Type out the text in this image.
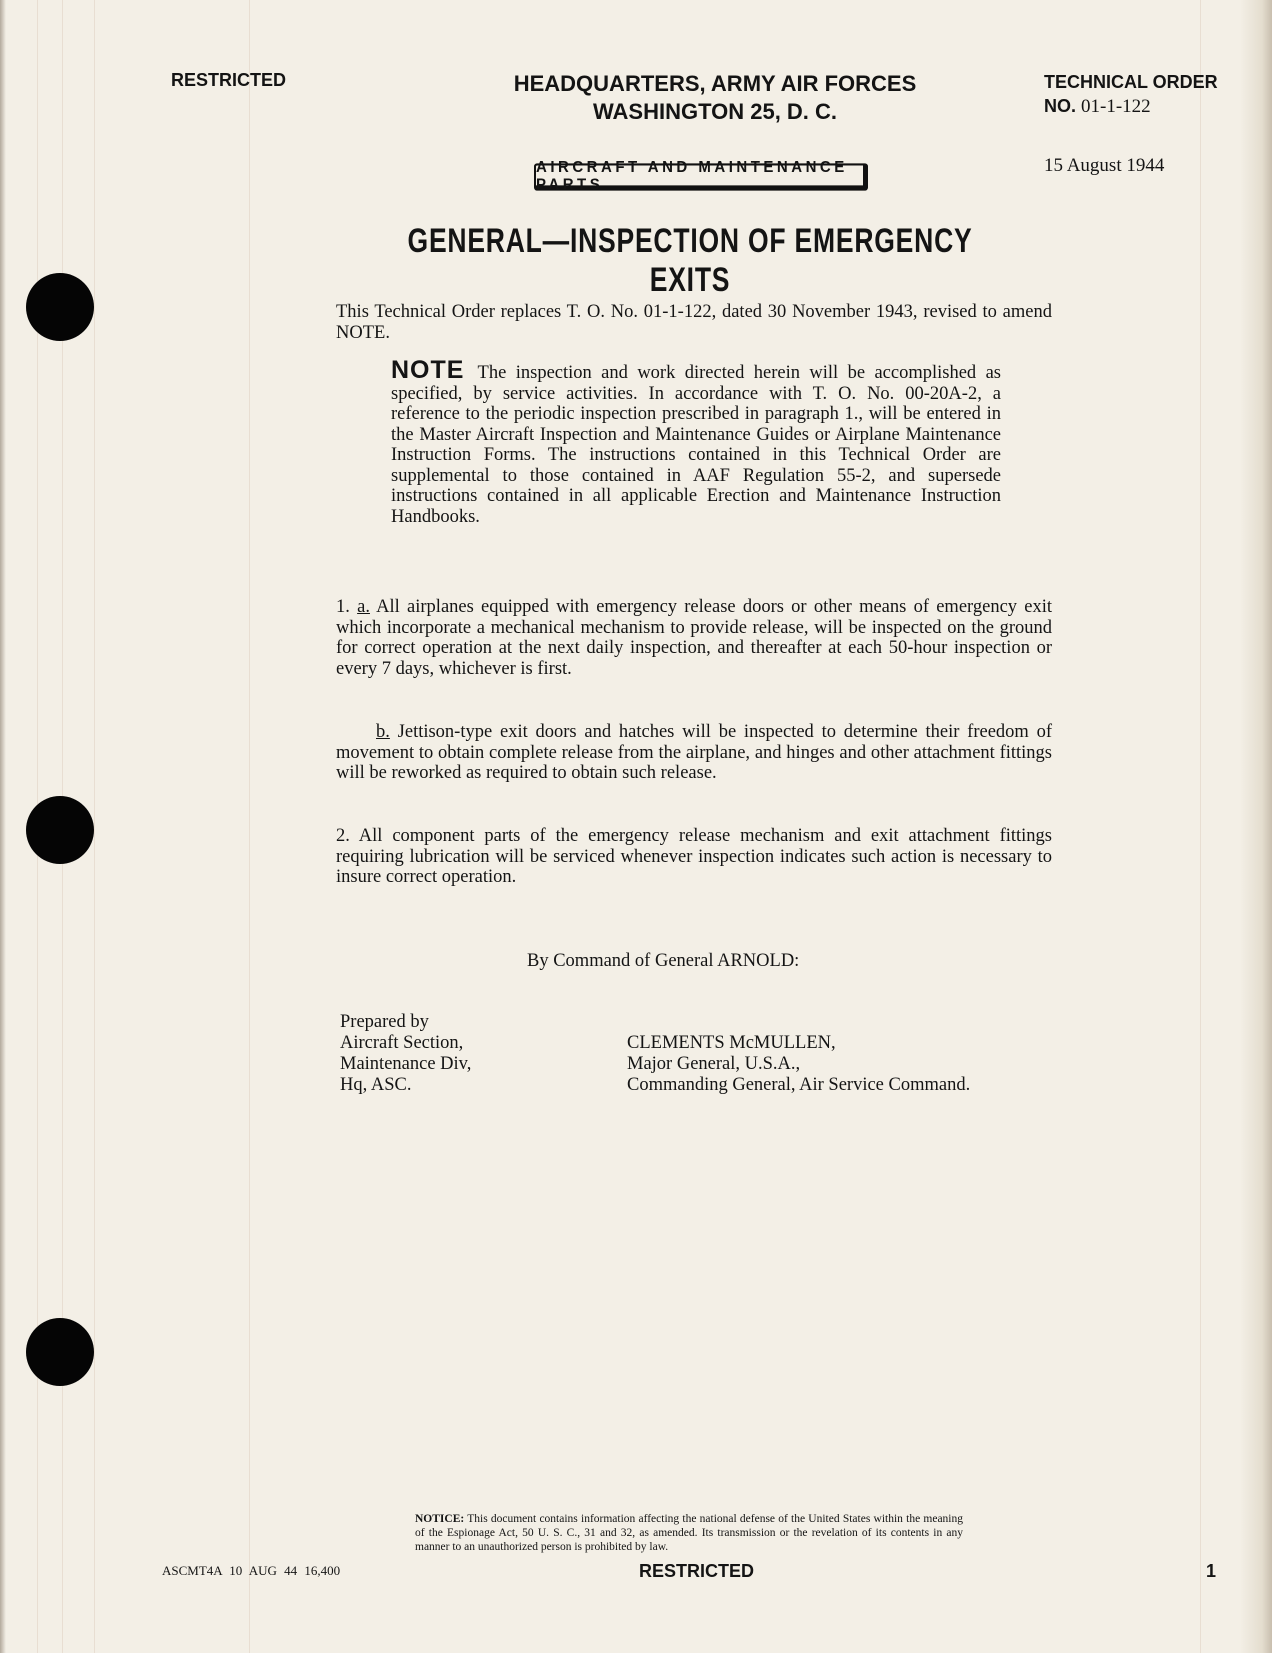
RESTRICTED	HEADQUARTERS, ARMY AIR FORCES
WASHINGTON 25, D. C.
TECHNICAL ORDER
NO. 01-1-122
15 August 1944
AIRCRAFT AND MAINTENANCE PARTS
GENERAL—INSPECTION OF EMERGENCY EXITS
This Technical Order replaces T. O. No. 01-1-122, dated 30 November 1943, revised to amend NOTE.
NOTE The inspection and work directed herein will be accomplished as specified, by service activities. In accordance with T. O. No. 00-20A-2, a reference to the periodic inspection prescribed in paragraph 1., will be entered in the Master Aircraft Inspection and Maintenance Guides or Airplane Maintenance Instruction Forms. The instructions contained in this Technical Order are supplemental to those contained in AAF Regulation 55-2, and supersede instructions contained in all applicable Erection and Maintenance Instruction Handbooks.
1. a. All airplanes equipped with emergency release doors or other means of emergency exit which incorporate a mechanical mechanism to provide release, will be inspected on the ground for correct operation at the next daily inspection, and thereafter at each 50-hour inspection or every 7 days, whichever is first.
b. Jettison-type exit doors and hatches will be inspected to determine their freedom of movement to obtain complete release from the airplane, and hinges and other attachment fittings will be reworked as required to obtain such release.
2. All component parts of the emergency release mechanism and exit attachment fittings requiring lubrication will be serviced whenever inspection indicates such action is necessary to insure correct operation.
By Command of General ARNOLD:
Prepared by
Aircraft Section,
Maintenance Div,
Hq, ASC.
CLEMENTS McMULLEN,
Major General, U.S.A.,
Commanding General, Air Service Command.
NOTICE: This document contains information affecting the national defense of the United States within the meaning of the Espionage Act, 50 U. S. C., 31 and 32, as amended. Its transmission or the revelation of its contents in any manner to an unauthorized person is prohibited by law.
ASCMT4A 10 AUG 44 16,400	RESTRICTED	1
